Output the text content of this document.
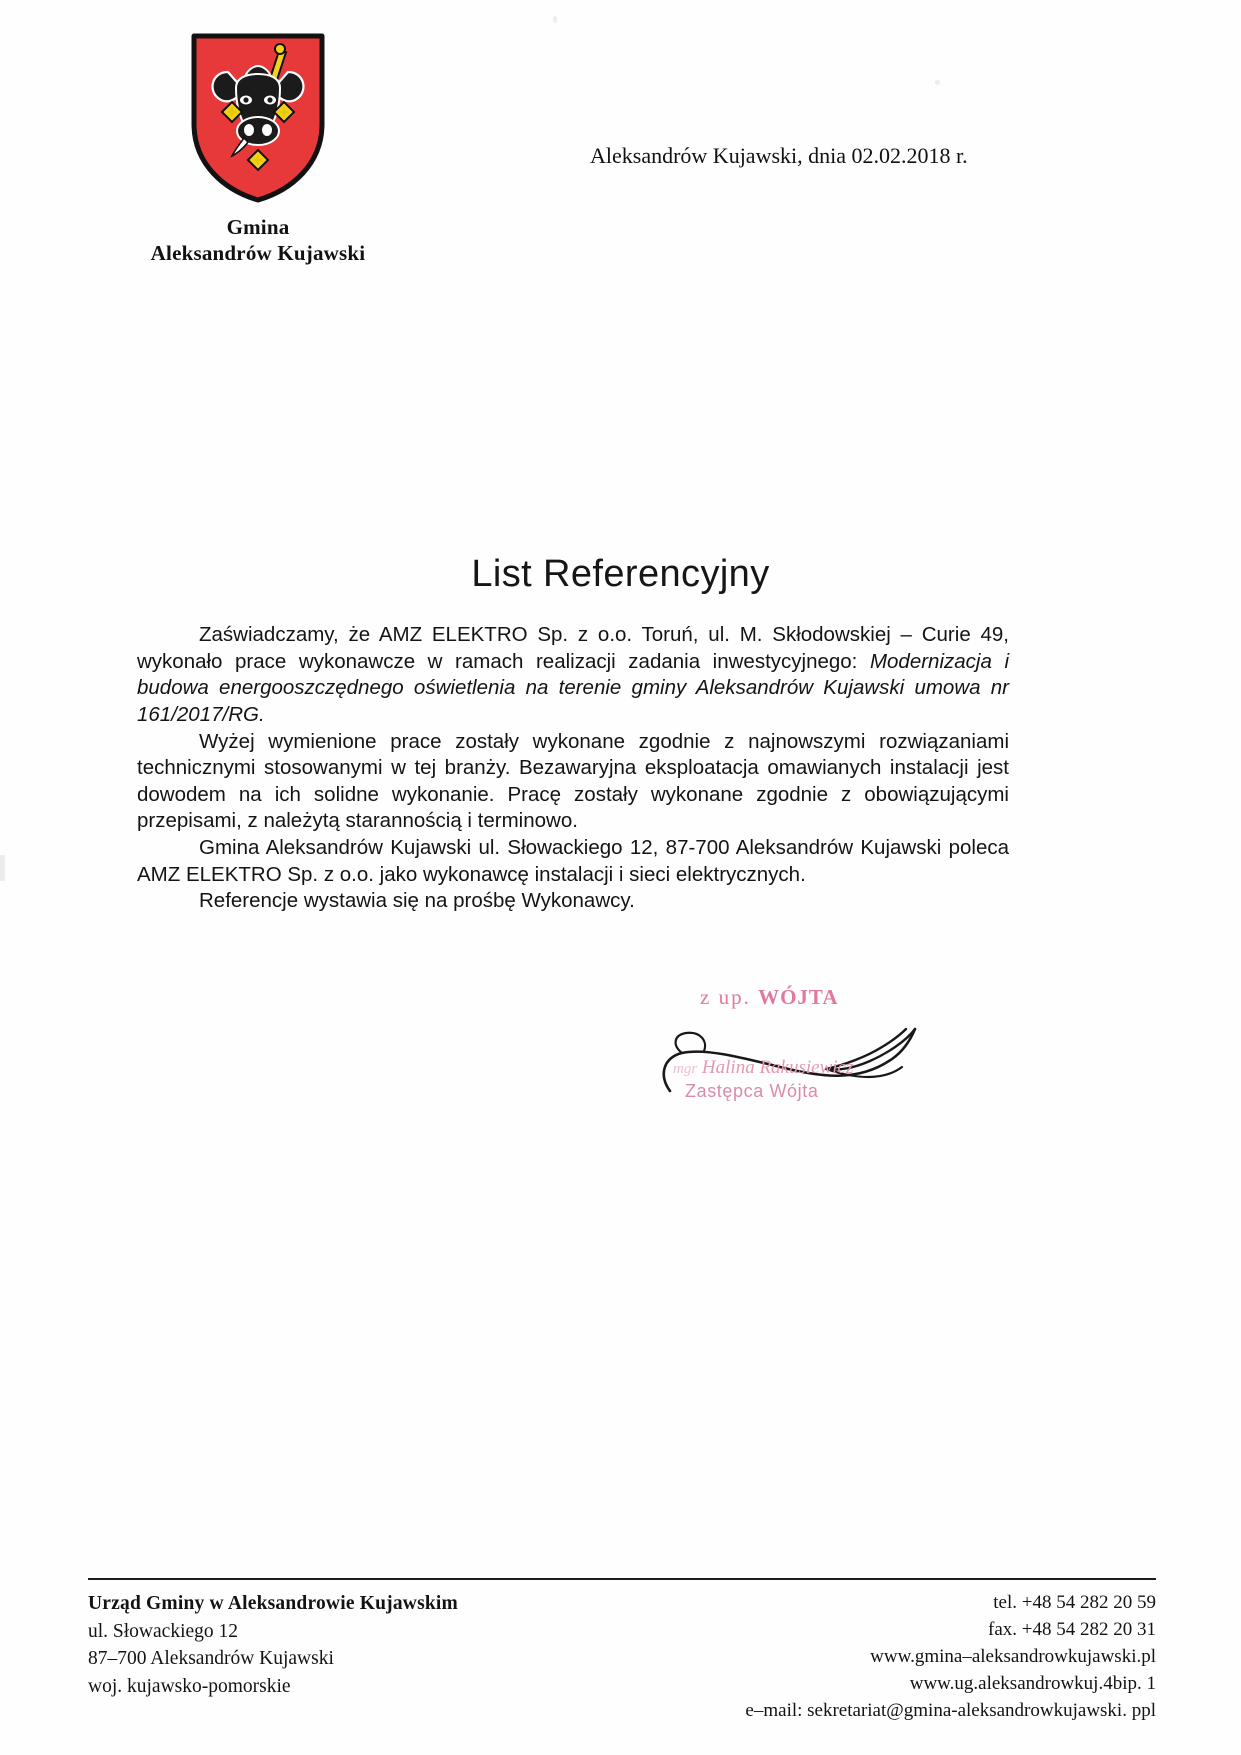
Gmina
Aleksandrów Kujawski
Aleksandrów Kujawski, dnia 02.02.2018 r.
List Referencyjny

Zaświadczamy, że AMZ ELEKTRO Sp. z o.o. Toruń, ul. M. Skłodowskiej – Curie 49, wykonało prace wykonawcze w ramach realizacji zadania inwestycyjnego: Modernizacja i budowa energooszczędnego oświetlenia na terenie gminy Aleksandrów Kujawski umowa nr 161/2017/RG.

Wyżej wymienione prace zostały wykonane zgodnie z najnowszymi rozwiązaniami technicznymi stosowanymi w tej branży. Bezawaryjna eksploatacja omawianych instalacji jest dowodem na ich solidne wykonanie. Pracę zostały wykonane zgodnie z obowiązującymi przepisami, z należytą starannością i terminowo.

Gmina Aleksandrów Kujawski ul. Słowackiego 12, 87-700 Aleksandrów Kujawski poleca AMZ ELEKTRO Sp. z o.o. jako wykonawcę instalacji i sieci elektrycznych.

Referencje wystawia się na prośbę Wykonawcy.

z up. WÓJTA
mgr Halina Rakusiewicz
Zastępca Wójta
Urząd Gminy w Aleksandrowie Kujawskim
ul. Słowackiego 12
87–700 Aleksandrów Kujawski
woj. kujawsko-pomorskie
tel. +48 54 282 20 59
fax. +48 54 282 20 31
www.gmina–aleksandrowkujawski.pl
www.ug.aleksandrowkuj.4bip. 1
e–mail: sekretariat@gmina-aleksandrowkujawski. ppl
